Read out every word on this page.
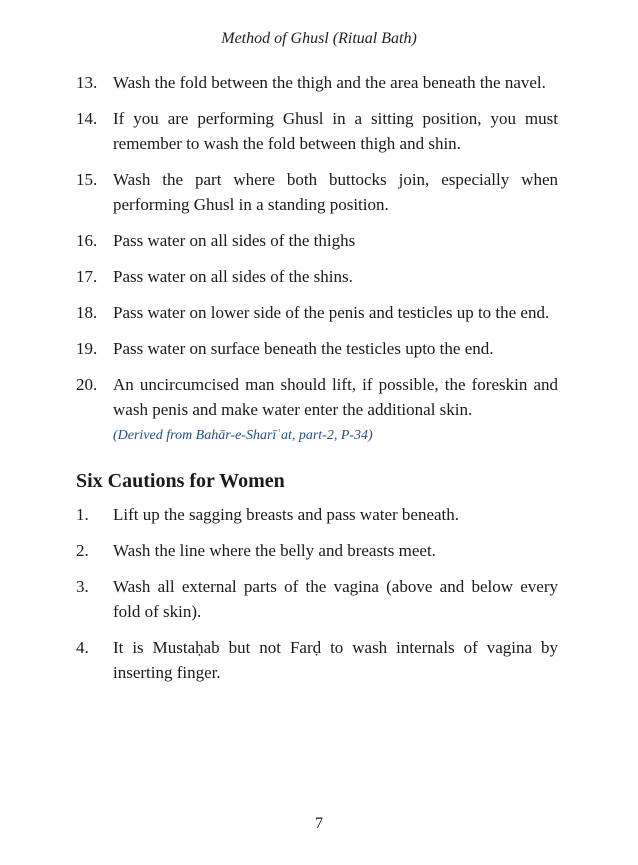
Method of Ghusl (Ritual Bath)
13. Wash the fold between the thigh and the area beneath the navel.
14. If you are performing Ghusl in a sitting position, you must remember to wash the fold between thigh and shin.
15. Wash the part where both buttocks join, especially when performing Ghusl in a standing position.
16. Pass water on all sides of the thighs
17. Pass water on all sides of the shins.
18. Pass water on lower side of the penis and testicles up to the end.
19. Pass water on surface beneath the testicles upto the end.
20. An uncircumcised man should lift, if possible, the foreskin and wash penis and make water enter the additional skin.
(Derived from Bahār-e-Sharīʿat, part-2, P-34)
Six Cautions for Women
1.	Lift up the sagging breasts and pass water beneath.
2.	Wash the line where the belly and breasts meet.
3.	Wash all external parts of the vagina (above and below every fold of skin).
4.	It is Mustaḥab but not Farḍ to wash internals of vagina by inserting finger.
7
